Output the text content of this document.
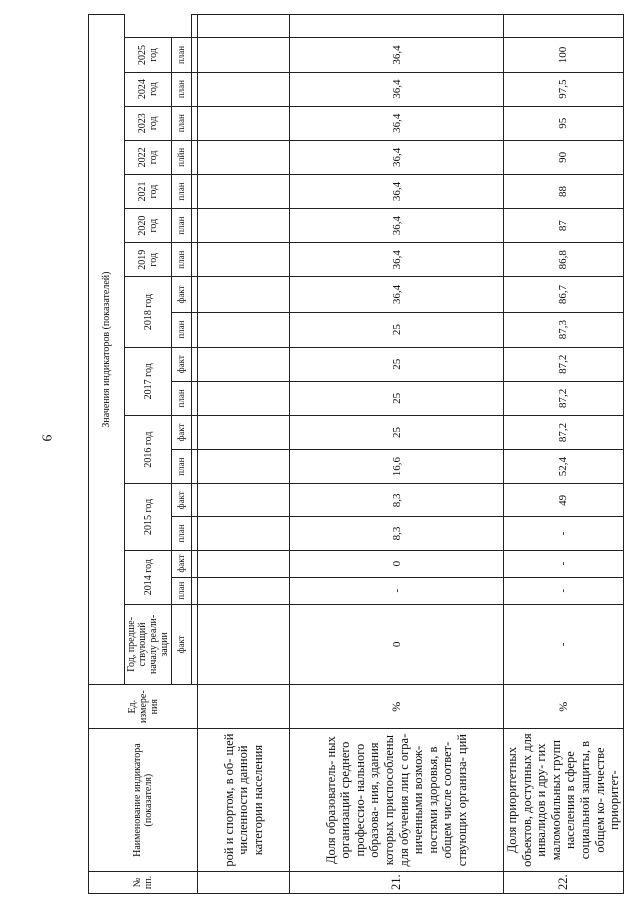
9
№ пп.	Наименование индикатора (показателя)	Ед. измере- ния	Значения индикаторов (показателей)																		
			Год, предше- ствующий началу реали- зации	2014 год		2015 год		2016 год		2017 год		2018 год		2019 год	2020 год	2021 год	2022 год	2023 год	2024 год	2025 год	
			факт	план	факт	план	факт	план	факт	план	факт	план	факт	план	план	план	плйн	план	план	план	

	рой и спортом, в об- щей численности данной категории населения																				
21.	Доля образователь- ных организаций среднего профессио- нального образова- ния, здания которых приспособлены для обучения лиц с огра- ниченными возмож- ностями здоровья, в общем числе соответ- ствующих организа- ций	%	0	-	0	8,3	8,3	16,6	25	25	25	25	36,4	36,4	36,4	36,4	36,4	36,4	36,4	36,4	
22.	Доля приоритетных объектов, доступных для инвалидов и дру- гих маломобильных групп населения в сфере социальной защиты, в общем ко- личестве приоритет-	%	-	-	-	-	49	52,4	87,2	87,2	87,2	87,3	86,7	86,8	87	88	90	95	97,5	100	
